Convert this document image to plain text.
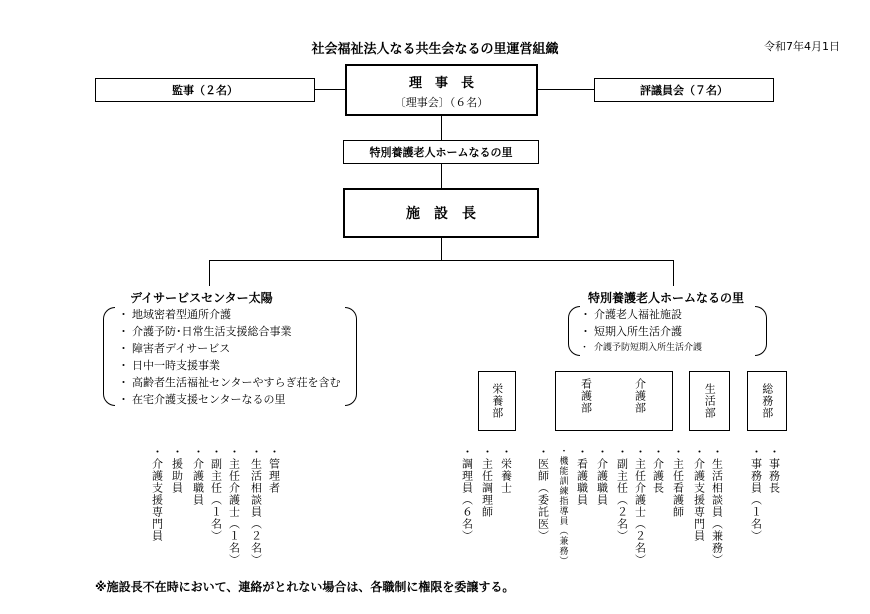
社会福祉法人なる共生会なるの里運営組織	令和7年4月1日
監事（２名）	理　事　長
〔理事会〕（６名）
評議員会（７名）
特別養護老人ホームなるの里
施　設　長
デイサービスセンター太陽
・ 地域密着型通所介護
・ 介護予防･日常生活支援総合事業
・ 障害者デイサービス
・ 日中一時支援事業
・ 高齢者生活福祉センターやすらぎ荘を含む
・ 在宅介護支援センターなるの里
特別養護老人ホームなるの里
・ 介護老人福祉施設
・ 短期入所生活介護
・ 介護予防短期入所生活介護
栄養部	看護部	介護部	生活部	総務部
・管理者
・生活相談員（２名）
・主任介護士（１名）
・副主任（１名）
・介護職員
・援助員
・介護支援専門員	・栄養士
・主任調理師
・調理員（６名）	・医師（委託医） ・機能訓練指導員（兼務） ・看護職員 ・介護職員 ・副主任（２名） ・主任介護士（２名） ・介護長 ・主任看護師 ・介護支援専門員 ・生活相談員（兼務）	・事務長
・事務員（１名）
※施設長不在時において、連絡がとれない場合は、各職制に権限を委譲する。
